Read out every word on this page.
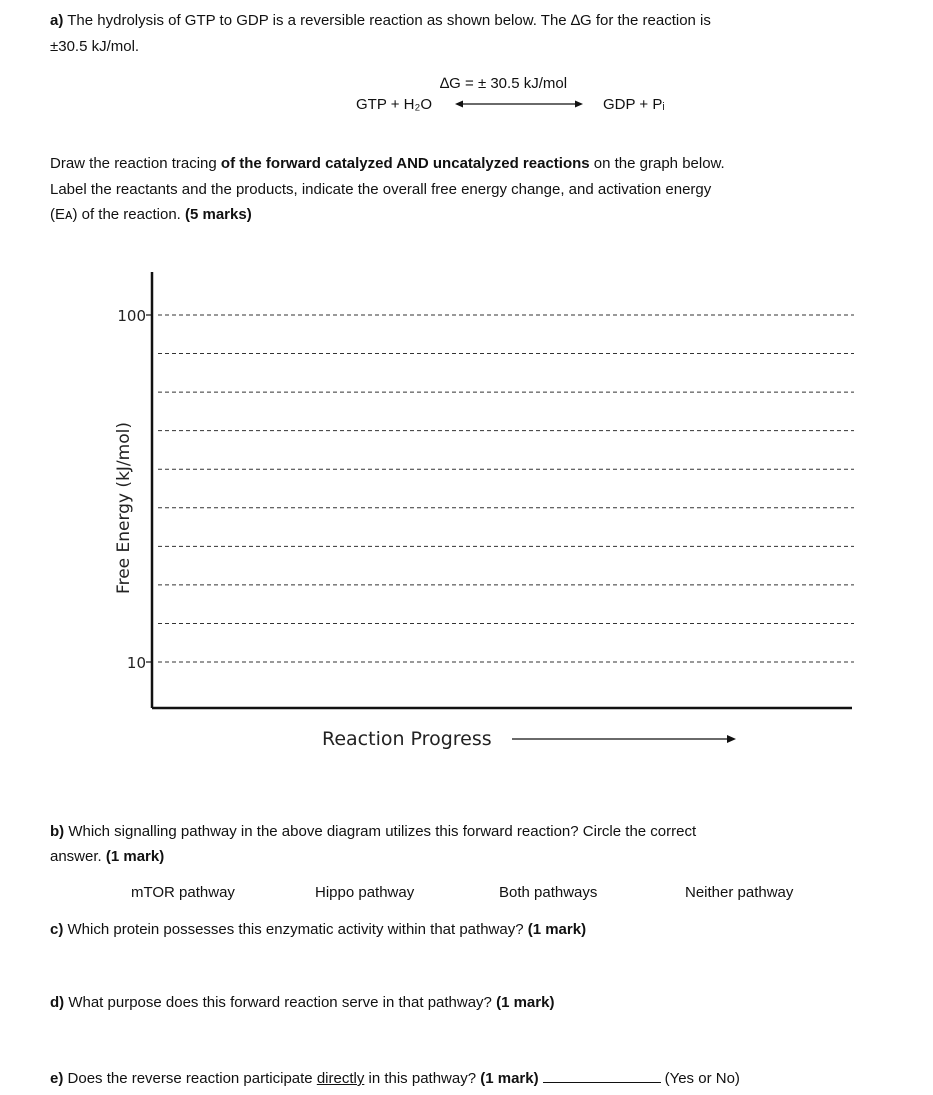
a) The hydrolysis of GTP to GDP is a reversible reaction as shown below. The ∆G for the reaction is
±30.5 kJ/mol.
∆G = ± 30.5 kJ/mol
GTP + H₂O	GDP + Pᵢ
Draw the reaction tracing of the forward catalyzed AND uncatalyzed reactions on the graph below.
Label the reactants and the products, indicate the overall free energy change, and activation energy
(Eᴀ) of the reaction. (5 marks)
100
10
Free Energy (kJ/mol)
Reaction Progress
b) Which signalling pathway in the above diagram utilizes this forward reaction? Circle the correct
answer. (1 mark)
mTOR pathway	Hippo pathway	Both pathways	Neither pathway
c) Which protein possesses this enzymatic activity within that pathway? (1 mark)
d) What purpose does this forward reaction serve in that pathway? (1 mark)
e) Does the reverse reaction participate directly in this pathway? (1 mark)	(Yes or No)
